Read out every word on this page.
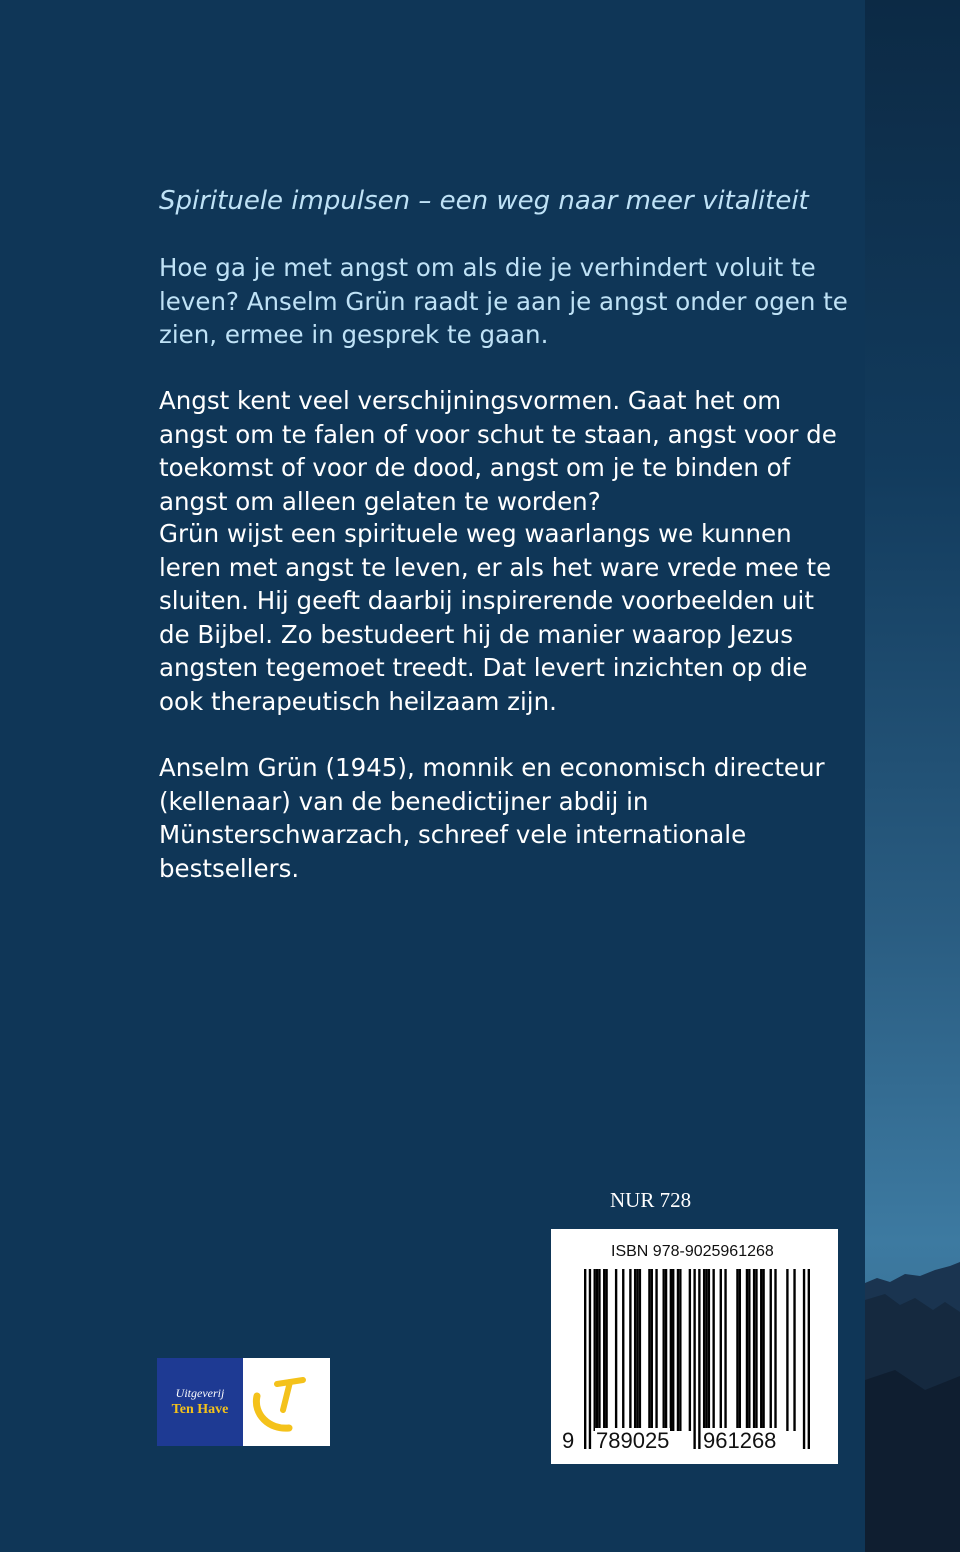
Spirituele impulsen – een weg naar meer vitaliteit

Hoe ga je met angst om als die je verhindert voluit te leven? Anselm Grün raadt je aan je angst onder ogen te zien, ermee in gesprek te gaan.

Angst kent veel verschijningsvormen. Gaat het om angst om te falen of voor schut te staan, angst voor de toekomst of voor de dood, angst om je te binden of angst om alleen gelaten te worden?

Grün wijst een spirituele weg waarlangs we kunnen leren met angst te leven, er als het ware vrede mee te sluiten. Hij geeft daarbij inspirerende voorbeelden uit de Bijbel. Zo bestudeert hij de manier waarop Jezus angsten tegemoet treedt. Dat levert inzichten op die ook therapeutisch heilzaam zijn.

Anselm Grün (1945), monnik en economisch directeur (kellenaar) van de benedictijner abdij in Münsterschwarzach, schreef vele internationale bestsellers.

NUR 728
ISBN 978-9025961268
9 789025 961268
Uitgeverij
Ten Have
